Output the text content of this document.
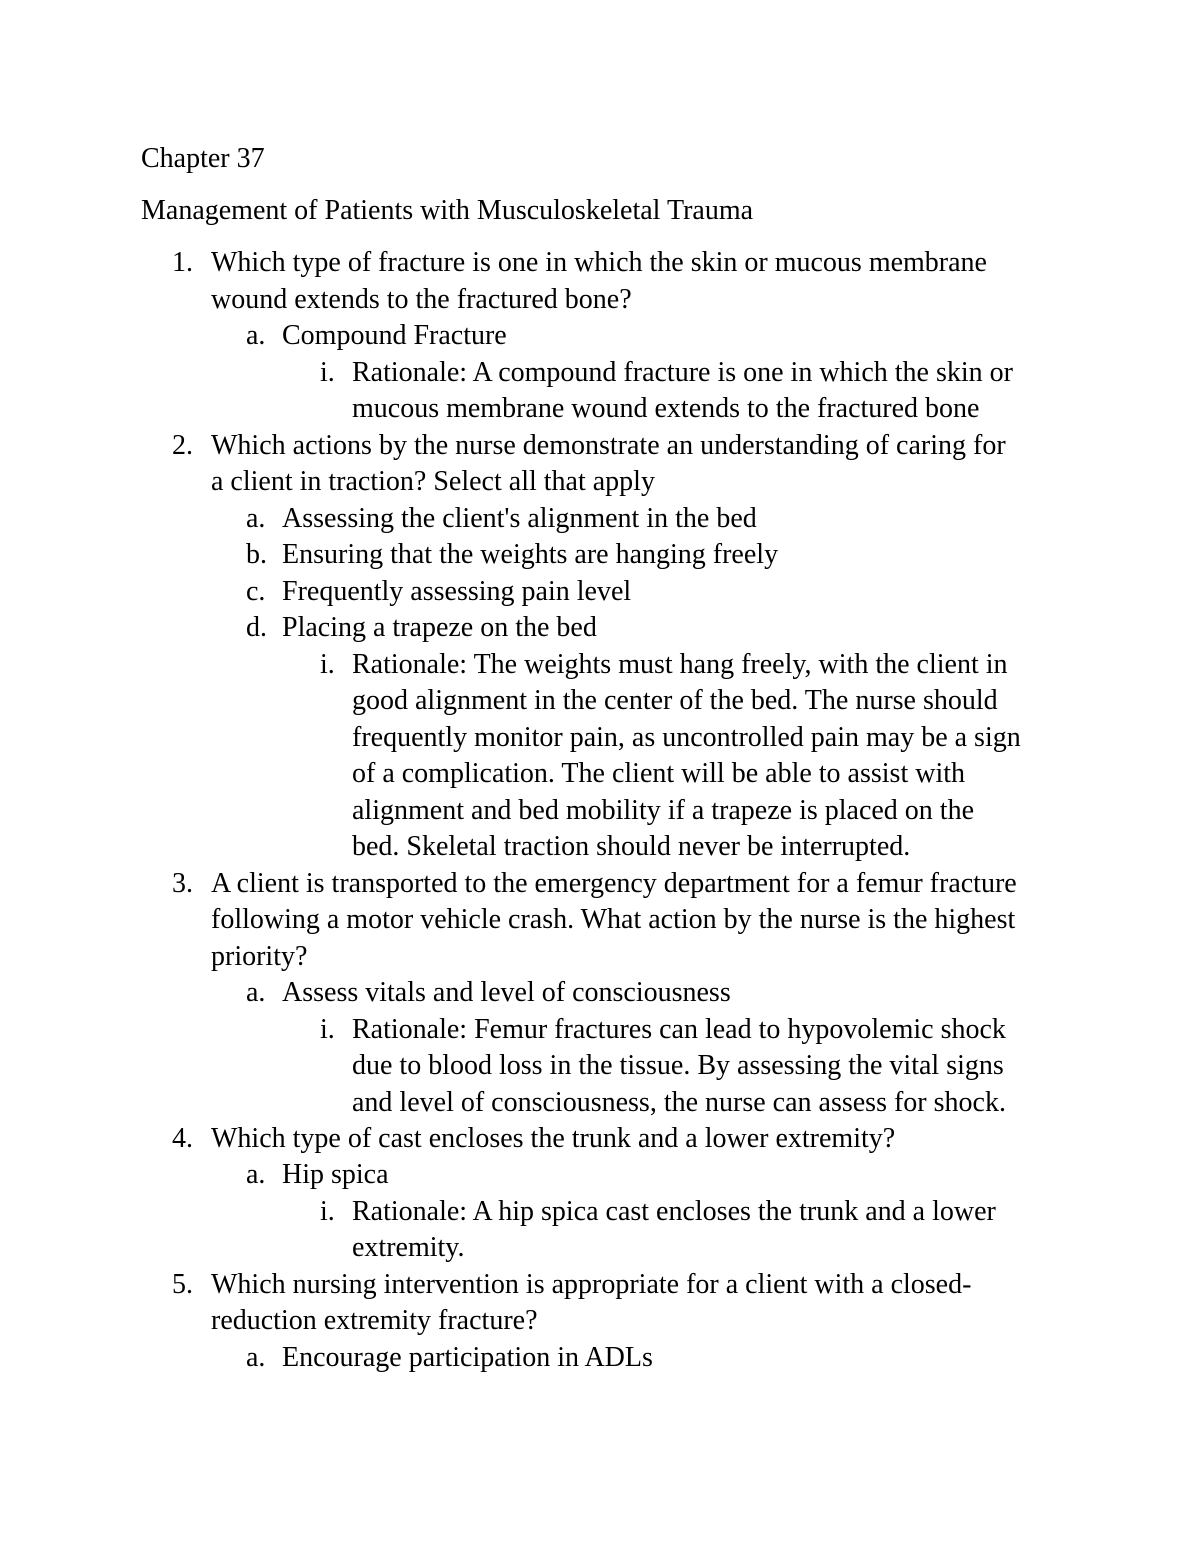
Chapter 37
Management of Patients with Musculoskeletal Trauma
1. Which type of fracture is one in which the skin or mucous membrane
wound extends to the fractured bone?
a. Compound Fracture
i. Rationale: A compound fracture is one in which the skin or
mucous membrane wound extends to the fractured bone
2. Which actions by the nurse demonstrate an understanding of caring for
a client in traction? Select all that apply
a. Assessing the client's alignment in the bed
b. Ensuring that the weights are hanging freely
c. Frequently assessing pain level
d. Placing a trapeze on the bed
i. Rationale: The weights must hang freely, with the client in
good alignment in the center of the bed. The nurse should
frequently monitor pain, as uncontrolled pain may be a sign
of a complication. The client will be able to assist with
alignment and bed mobility if a trapeze is placed on the
bed. Skeletal traction should never be interrupted.
3. A client is transported to the emergency department for a femur fracture
following a motor vehicle crash. What action by the nurse is the highest
priority?
a. Assess vitals and level of consciousness
i. Rationale: Femur fractures can lead to hypovolemic shock
due to blood loss in the tissue. By assessing the vital signs
and level of consciousness, the nurse can assess for shock.
4. Which type of cast encloses the trunk and a lower extremity?
a. Hip spica
i. Rationale: A hip spica cast encloses the trunk and a lower
extremity.
5. Which nursing intervention is appropriate for a client with a closed-
reduction extremity fracture?
a. Encourage participation in ADLs
